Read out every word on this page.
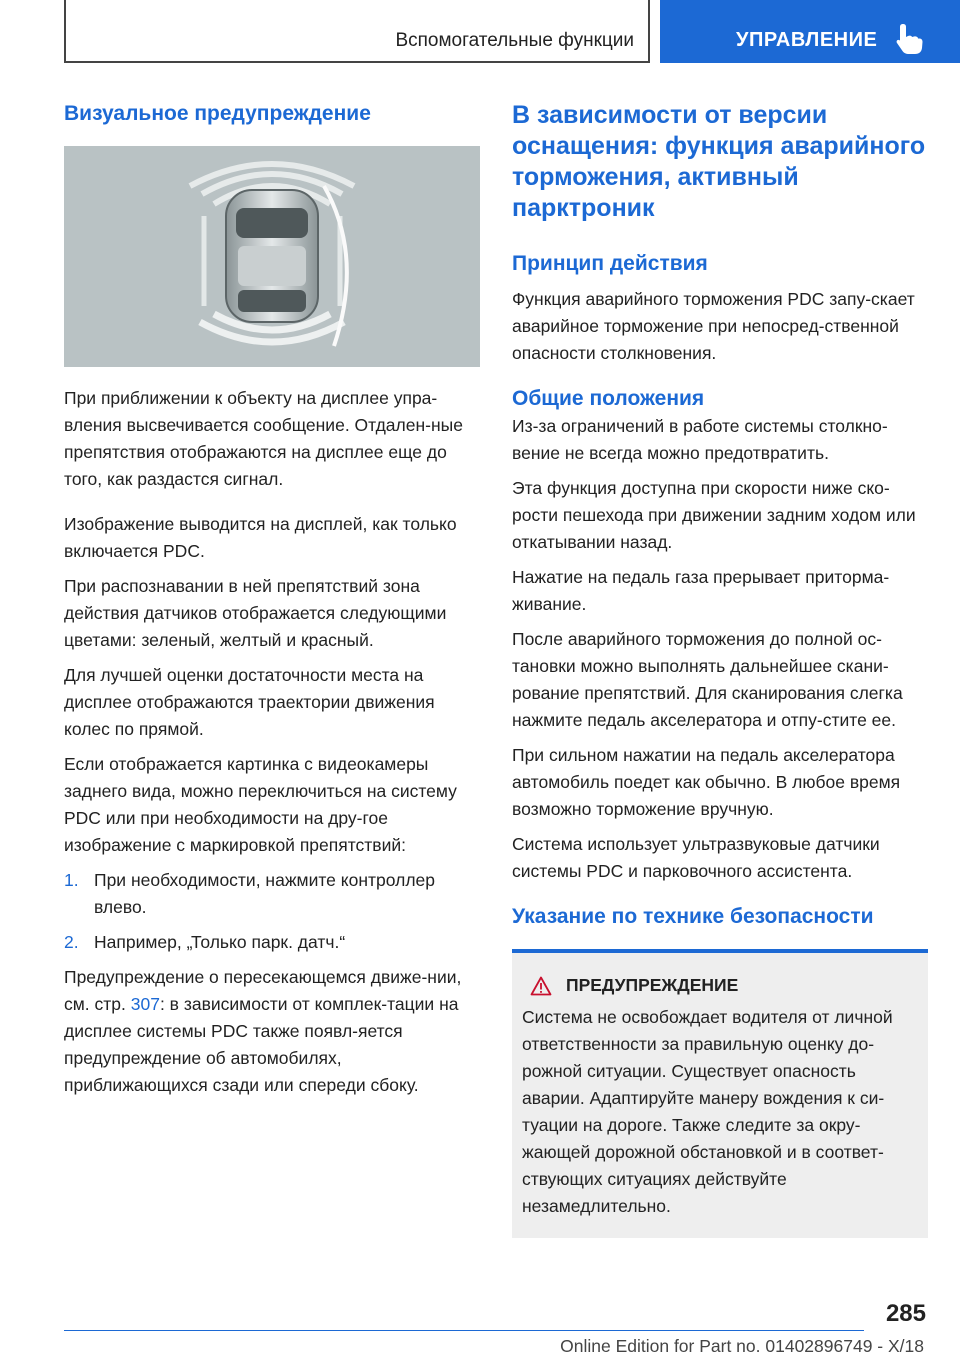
Вспомогательные функции	УПРАВЛЕНИЕ
Визуальное предупреждение

При приближении к объекту на дисплее упра-вления высвечивается сообщение. Отдален-ные препятствия отображаются на дисплее еще до того, как раздастся сигнал.

Изображение выводится на дисплей, как только включается PDC.

При распознавании в ней препятствий зона действия датчиков отображается следующими цветами: зеленый, желтый и красный.

Для лучшей оценки достаточности места на дисплее отображаются траектории движения колес по прямой.

Если отображается картинка с видеокамеры заднего вида, можно переключиться на систему PDC или при необходимости на дру-гое изображение с маркировкой препятствий:

1. При необходимости, нажмите контроллер влево.
2. Например, „Только парк. датч.“

Предупреждение о пересекающемся движе-нии, см. стр. 307: в зависимости от комплек-тации на дисплее системы PDC также появл-яется предупреждение об автомобилях, приближающихся сзади или спереди сбоку.

В зависимости от версии оснащения: функция аварийного торможения, активный парктроник
Принцип действия

Функция аварийного торможения PDC запу-скает аварийное торможение при непосред-ственной опасности столкновения.

Общие положения

Из-за ограничений в работе системы столкно-вение не всегда можно предотвратить.

Эта функция доступна при скорости ниже ско-рости пешехода при движении задним ходом или откатывании назад.

Нажатие на педаль газа прерывает приторма-живание.

После аварийного торможения до полной ос-тановки можно выполнять дальнейшее скани-рование препятствий. Для сканирования слегка нажмите педаль акселератора и отпу-стите ее.

При сильном нажатии на педаль акселератора автомобиль поедет как обычно. В любое время возможно торможение вручную.

Система использует ультразвуковые датчики системы PDC и парковочного ассистента.

Указание по технике безопасности
ПРЕДУПРЕЖДЕНИЕ

Система не освобождает водителя от личной ответственности за правильную оценку до-рожной ситуации. Существует опасность аварии. Адаптируйте манеру вождения к си-туации на дороге. Также следите за окру-жающей дорожной обстановкой и в соответ-ствующих ситуациях действуйте незамедлительно.

285
Online Edition for Part no. 01402896749 - X/18
